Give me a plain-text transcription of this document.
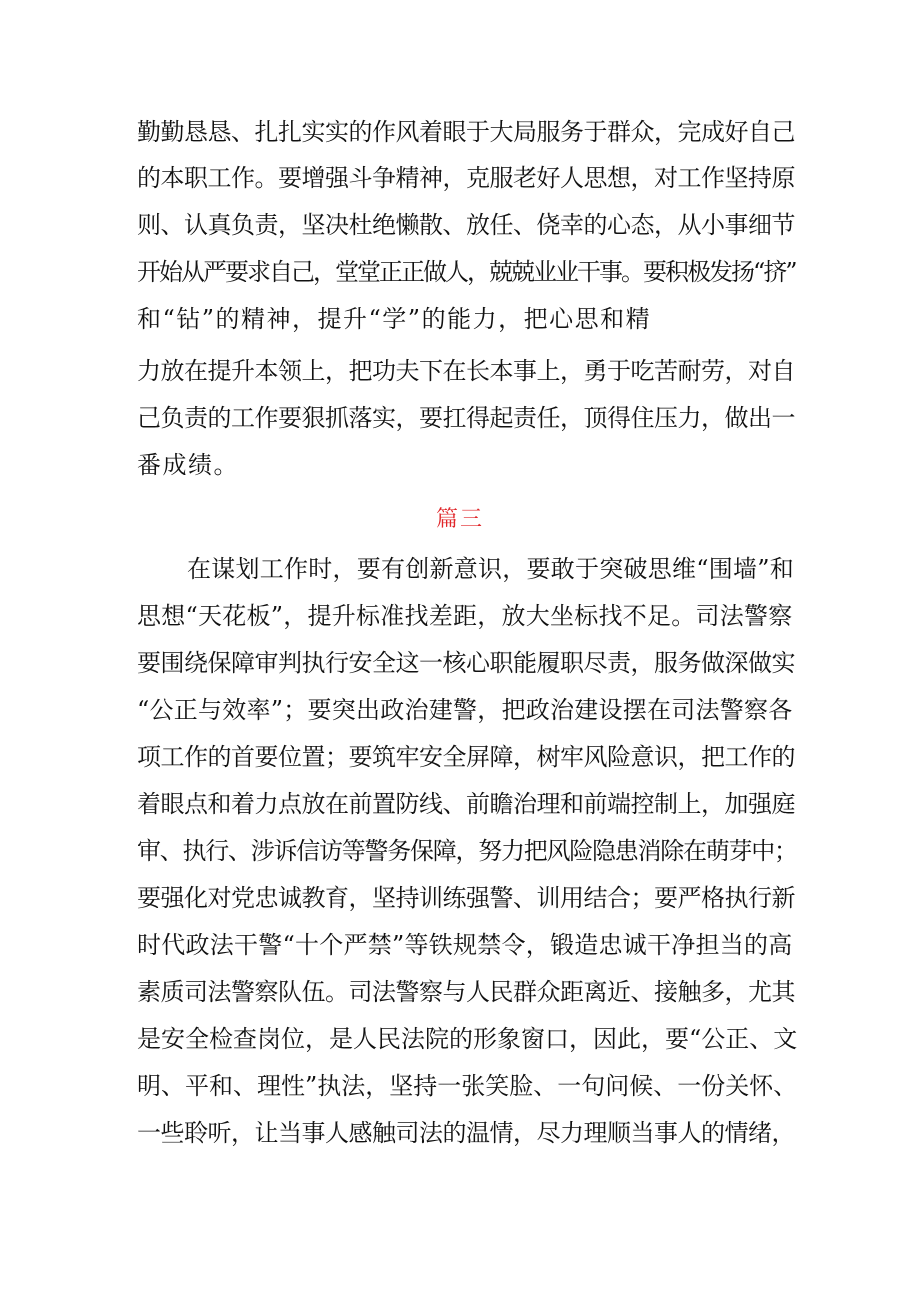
勤勤恳恳、扎扎实实的作风着眼于大局服务于群众，完成好自己
的本职工作。要增强斗争精神，克服老好人思想，对工作坚持原
则、认真负责，坚决杜绝懒散、放任、侥幸的心态，从小事细节
开始从严要求自己，堂堂正正做人，兢兢业业干事。要积极发扬“挤”
和“钻”的精神，提升“学”的能力，把心思和精
力放在提升本领上，把功夫下在长本事上，勇于吃苦耐劳，对自
己负责的工作要狠抓落实，要扛得起责任，顶得住压力，做出一
番成绩。
篇三
在谋划工作时，要有创新意识，要敢于突破思维“围墙”和
思想“天花板”，提升标准找差距，放大坐标找不足。司法警察
要围绕保障审判执行安全这一核心职能履职尽责，服务做深做实
“公正与效率”；要突出政治建警，把政治建设摆在司法警察各
项工作的首要位置；要筑牢安全屏障，树牢风险意识，把工作的
着眼点和着力点放在前置防线、前瞻治理和前端控制上，加强庭
审、执行、涉诉信访等警务保障，努力把风险隐患消除在萌芽中；
要强化对党忠诚教育，坚持训练强警、训用结合；要严格执行新
时代政法干警“十个严禁”等铁规禁令，锻造忠诚干净担当的高
素质司法警察队伍。司法警察与人民群众距离近、接触多，尤其
是安全检查岗位，是人民法院的形象窗口，因此，要“公正、文
明、平和、理性”执法，坚持一张笑脸、一句问候、一份关怀、
一些聆听，让当事人感触司法的温情，尽力理顺当事人的情绪，
